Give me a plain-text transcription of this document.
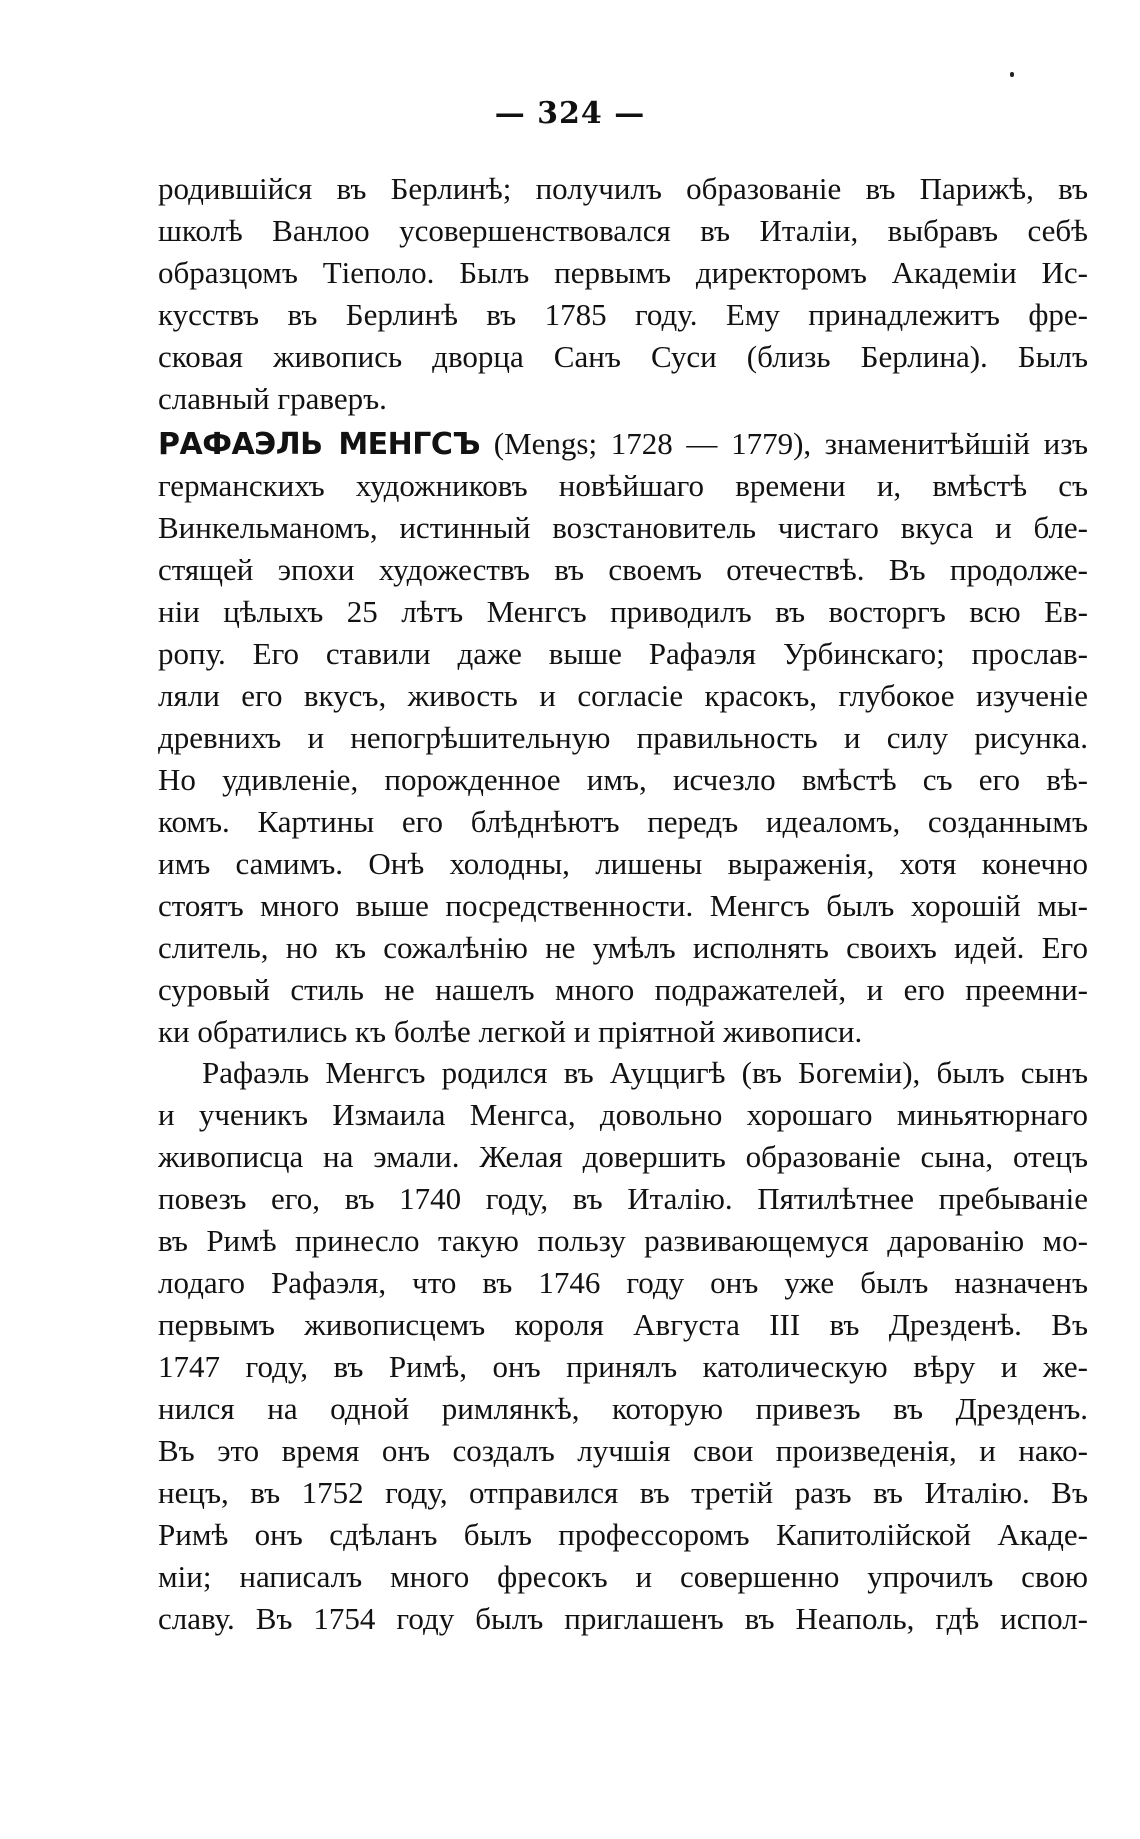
— 324 —
родившійся въ Берлинѣ; получилъ образованіе въ Парижѣ, въ
школѣ Ванлоо усовершенствовался въ Италіи, выбравъ себѣ
образцомъ Тіеполо. Былъ первымъ директоромъ Академіи Ис-
кусствъ въ Берлинѣ въ 1785 году. Ему принадлежитъ фре-
сковая живопись дворца Санъ Суси (близь Берлина). Былъ
славный граверъ.
РАФАЭЛЬ МЕНГСЪ (Mengs; 1728 — 1779), знаменитѣйшій изъ
германскихъ художниковъ новѣйшаго времени и, вмѣстѣ съ
Винкельманомъ, истинный возстановитель чистаго вкуса и бле-
стящей эпохи художествъ въ своемъ отечествѣ. Въ продолже-
ніи цѣлыхъ 25 лѣтъ Менгсъ приводилъ въ восторгъ всю Ев-
ропу. Его ставили даже выше Рафаэля Урбинскаго; прослав-
ляли его вкусъ, живость и согласіе красокъ, глубокое изученіе
древнихъ и непогрѣшительную правильность и силу рисунка.
Но удивленіе, порожденное имъ, исчезло вмѣстѣ съ его вѣ-
комъ. Картины его блѣднѣютъ передъ идеаломъ, созданнымъ
имъ самимъ. Онѣ холодны, лишены выраженія, хотя конечно
стоятъ много выше посредственности. Менгсъ былъ хорошій мы-
слитель, но къ сожалѣнію не умѣлъ исполнять своихъ идей. Его
суровый стиль не нашелъ много подражателей, и его преемни-
ки обратились къ болѣе легкой и пріятной живописи.
Рафаэль Менгсъ родился въ Ауццигѣ (въ Богеміи), былъ сынъ
и ученикъ Измаила Менгса, довольно хорошаго миньятюрнаго
живописца на эмали. Желая довершить образованіе сына, отецъ
повезъ его, въ 1740 году, въ Италію. Пятилѣтнее пребываніе
въ Римѣ принесло такую пользу развивающемуся дарованію мо-
лодаго Рафаэля, что въ 1746 году онъ уже былъ назначенъ
первымъ живописцемъ короля Августа III въ Дрезденѣ. Въ
1747 году, въ Римѣ, онъ принялъ католическую вѣру и же-
нился на одной римлянкѣ, которую привезъ въ Дрезденъ.
Въ это время онъ создалъ лучшія свои произведенія, и нако-
нецъ, въ 1752 году, отправился въ третій разъ въ Италію. Въ
Римѣ онъ сдѣланъ былъ профессоромъ Капитолійской Акаде-
міи; написалъ много фресокъ и совершенно упрочилъ свою
славу. Въ 1754 году былъ приглашенъ въ Неаполь, гдѣ испол-
